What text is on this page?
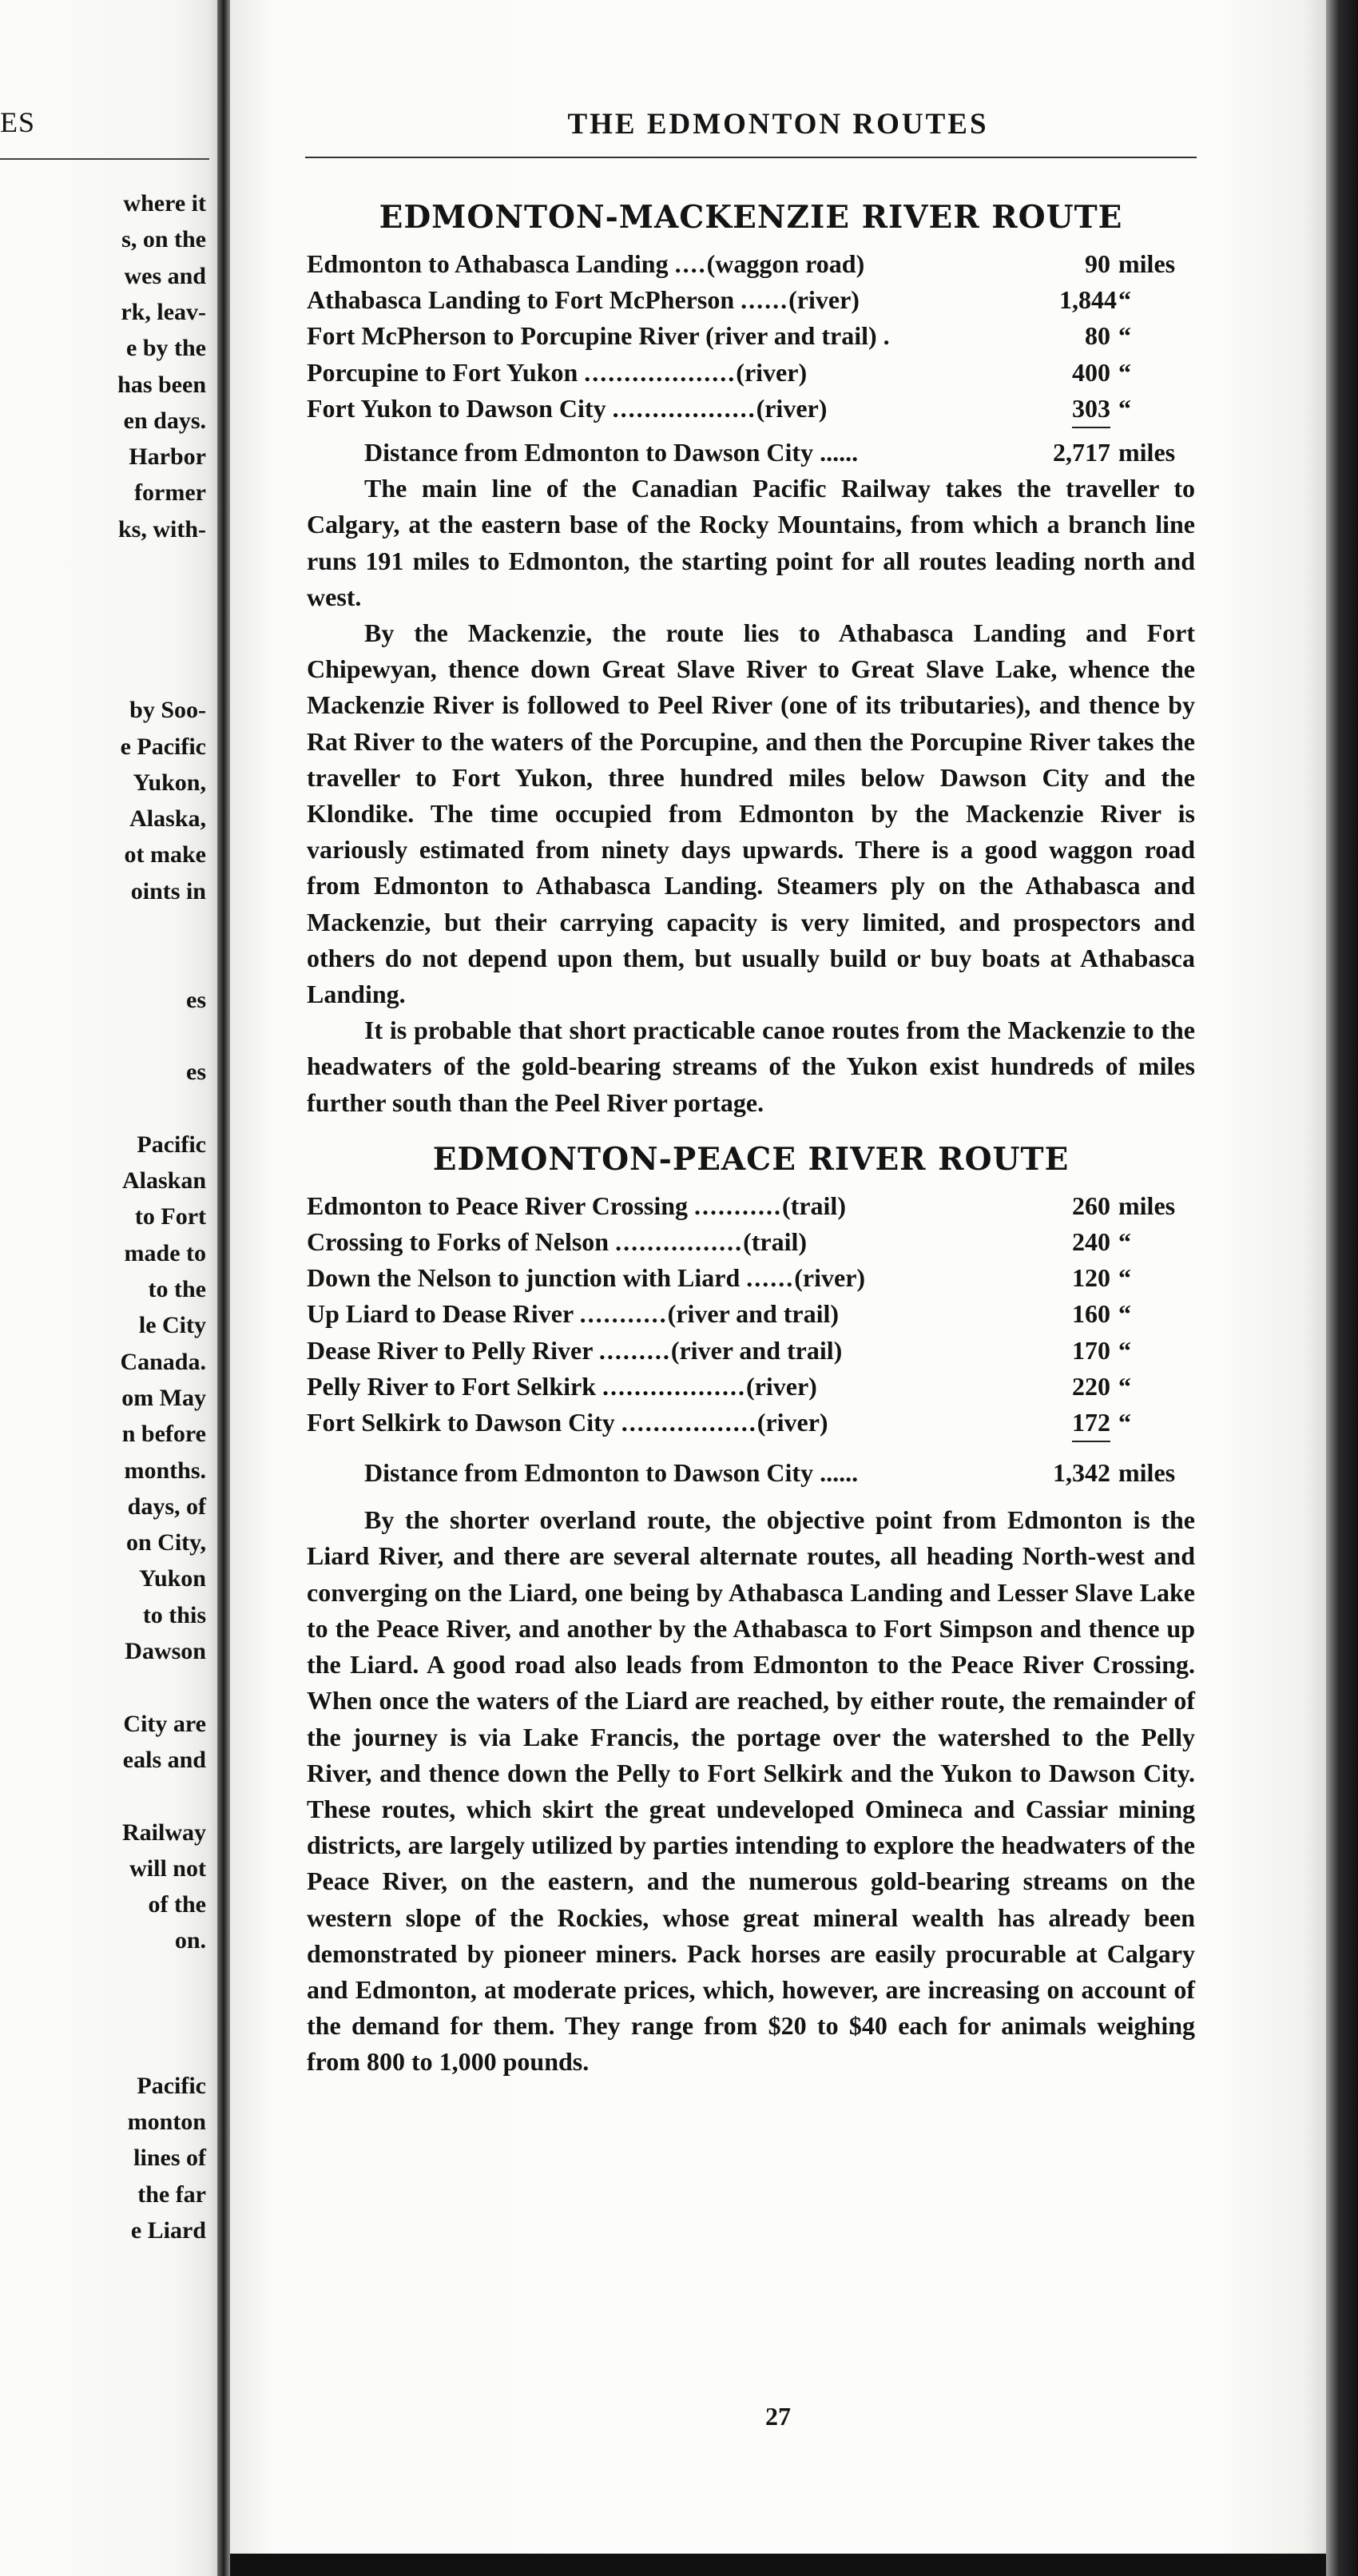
ES
where it
s, on the
wes and
rk, leav-
e by the
has been
en days.
Harbor
former
ks, with-
by Soo-
e Pacific
Yukon,
Alaska,
ot make
oints in
es
es
Pacific
Alaskan
to Fort
made to
to the
le City
Canada.
om May
n before
months.
days, of
on City,
Yukon
to this
Dawson
City are
eals and
Railway
will not
of the
on.
Pacific
monton
lines of
the far
e Liard
THE EDMONTON ROUTES
EDMONTON-MACKENZIE RIVER ROUTE
Edmonton to Athabasca Landing ....(waggon road)	90 miles
Athabasca Landing to Fort McPherson ......(river)	1,844 “
Fort McPherson to Porcupine River (river and trail) .	80 “
Porcupine to Fort Yukon ...................(river)	400 “
Fort Yukon to Dawson City ..................(river)	303 “
Distance from Edmonton to Dawson City ......	2,717 miles

The main line of the Canadian Pacific Railway takes the traveller to Calgary, at the eastern base of the Rocky Mountains, from which a branch line runs 191 miles to Edmonton, the starting point for all routes leading north and west.

By the Mackenzie, the route lies to Athabasca Landing and Fort Chipewyan, thence down Great Slave River to Great Slave Lake, whence the Mackenzie River is followed to Peel River (one of its tributaries), and thence by Rat River to the waters of the Porcupine, and then the Porcupine River takes the traveller to Fort Yukon, three hundred miles below Dawson City and the Klondike. The time occupied from Edmonton by the Mackenzie River is variously estimated from ninety days upwards. There is a good waggon road from Edmonton to Athabasca Landing. Steamers ply on the Athabasca and Mackenzie, but their carrying capacity is very limited, and prospectors and others do not depend upon them, but usually build or buy boats at Athabasca Landing.

It is probable that short practicable canoe routes from the Mackenzie to the headwaters of the gold-bearing streams of the Yukon exist hundreds of miles further south than the Peel River portage.

EDMONTON-PEACE RIVER ROUTE
Edmonton to Peace River Crossing ...........(trail)	260 miles
Crossing to Forks of Nelson ................(trail)	240 “
Down the Nelson to junction with Liard ......(river)	120 “
Up Liard to Dease River ...........(river and trail)	160 “
Dease River to Pelly River .........(river and trail)	170 “
Pelly River to Fort Selkirk ..................(river)	220 “
Fort Selkirk to Dawson City .................(river)	172 “
Distance from Edmonton to Dawson City ......	1,342 miles

By the shorter overland route, the objective point from Edmonton is the Liard River, and there are several alternate routes, all heading North-west and converging on the Liard, one being by Athabasca Landing and Lesser Slave Lake to the Peace River, and another by the Athabasca to Fort Simpson and thence up the Liard. A good road also leads from Edmonton to the Peace River Crossing. When once the waters of the Liard are reached, by either route, the remainder of the journey is via Lake Francis, the portage over the watershed to the Pelly River, and thence down the Pelly to Fort Selkirk and the Yukon to Dawson City. These routes, which skirt the great undeveloped Omineca and Cassiar mining districts, are largely utilized by parties intending to explore the headwaters of the Peace River, on the eastern, and the numerous gold-bearing streams on the western slope of the Rockies, whose great mineral wealth has already been demonstrated by pioneer miners. Pack horses are easily procurable at Calgary and Edmonton, at moderate prices, which, however, are increasing on account of the demand for them. They range from $20 to $40 each for animals weighing from 800 to 1,000 pounds.

27
